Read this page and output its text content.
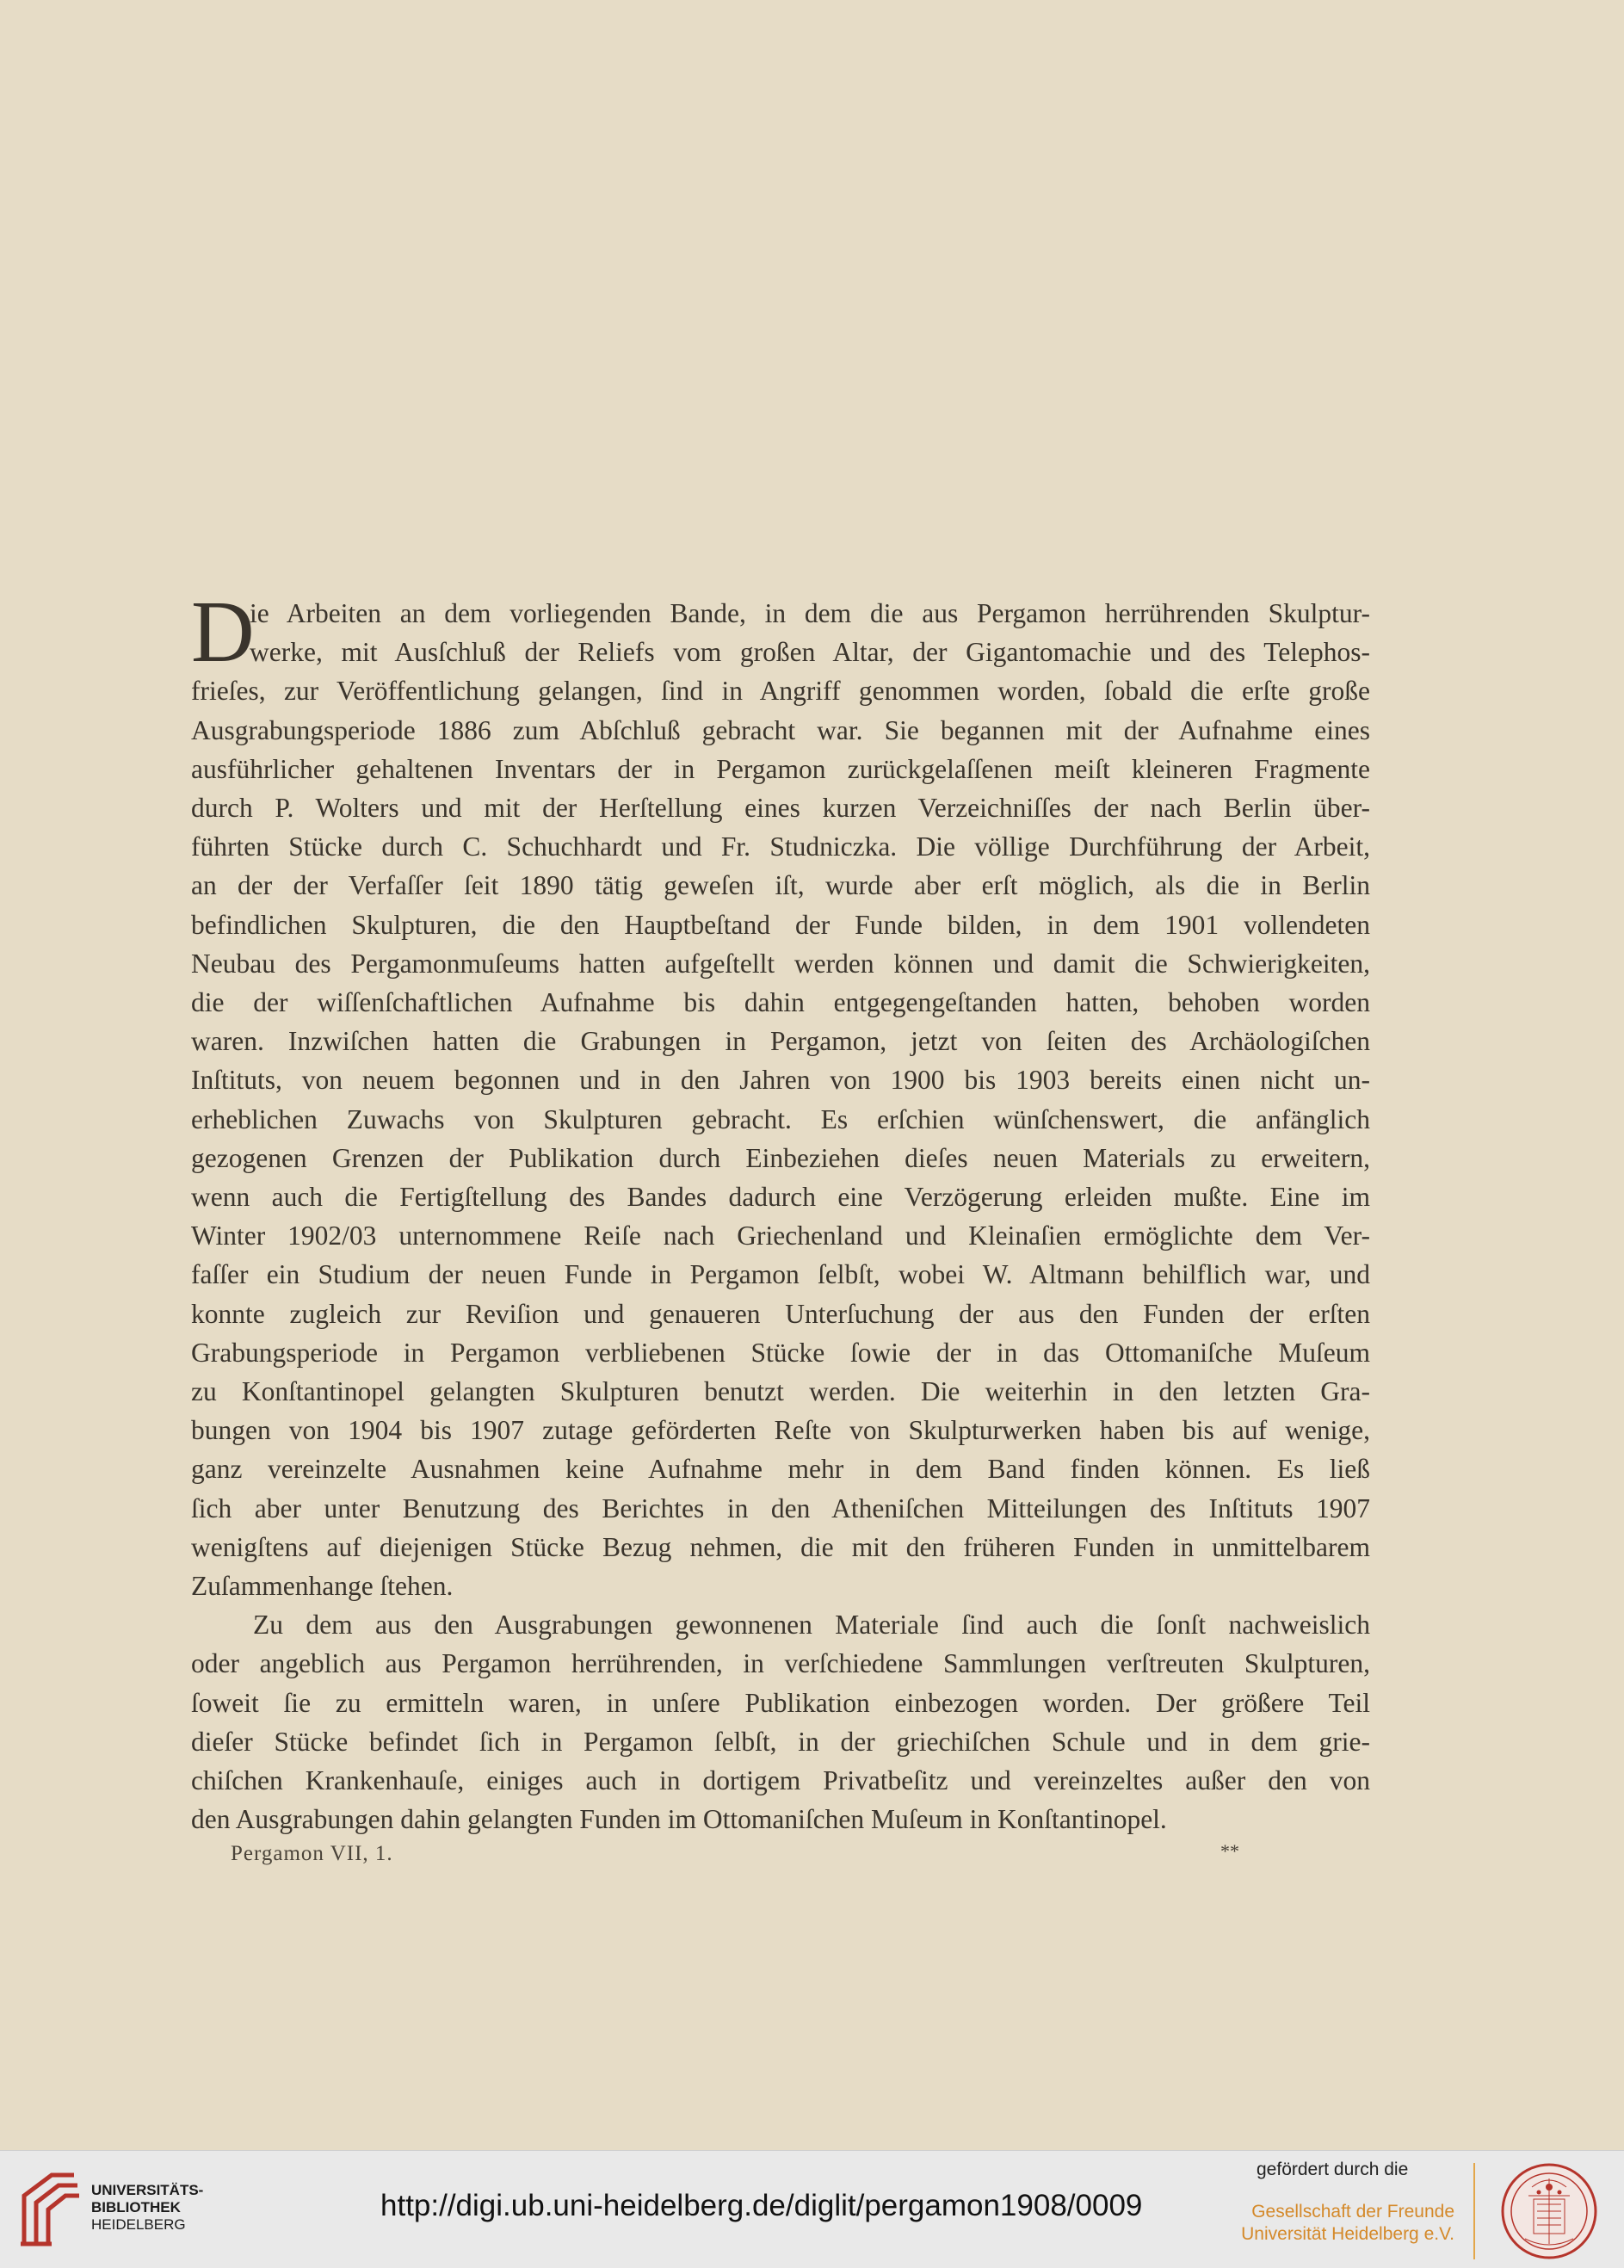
D
ie Arbeiten an dem vorliegenden Bande, in dem die aus Pergamon herrührenden Skulptur-
werke, mit Ausſchluß der Reliefs vom großen Altar, der Gigantomachie und des Telephos-
frieſes, zur Veröffentlichung gelangen, ſind in Angriff genommen worden, ſobald die erſte große
Ausgrabungsperiode 1886 zum Abſchluß gebracht war. Sie begannen mit der Aufnahme eines
ausführlicher gehaltenen Inventars der in Pergamon zurückgelaſſenen meiſt kleineren Fragmente
durch P. Wolters und mit der Herſtellung eines kurzen Verzeichniſſes der nach Berlin über-
führten Stücke durch C. Schuchhardt und Fr. Studniczka. Die völlige Durchführung der Arbeit,
an der der Verfaſſer ſeit 1890 tätig geweſen iſt, wurde aber erſt möglich, als die in Berlin
befindlichen Skulpturen, die den Hauptbeſtand der Funde bilden, in dem 1901 vollendeten
Neubau des Pergamonmuſeums hatten aufgeſtellt werden können und damit die Schwierigkeiten,
die der wiſſenſchaftlichen Aufnahme bis dahin entgegengeſtanden hatten, behoben worden
waren. Inzwiſchen hatten die Grabungen in Pergamon, jetzt von ſeiten des Archäologiſchen
Inſtituts, von neuem begonnen und in den Jahren von 1900 bis 1903 bereits einen nicht un-
erheblichen Zuwachs von Skulpturen gebracht. Es erſchien wünſchenswert, die anfänglich
gezogenen Grenzen der Publikation durch Einbeziehen dieſes neuen Materials zu erweitern,
wenn auch die Fertigſtellung des Bandes dadurch eine Verzögerung erleiden mußte. Eine im
Winter 1902/03 unternommene Reiſe nach Griechenland und Kleinaſien ermöglichte dem Ver-
faſſer ein Studium der neuen Funde in Pergamon ſelbſt, wobei W. Altmann behilflich war, und
konnte zugleich zur Reviſion und genaueren Unterſuchung der aus den Funden der erſten
Grabungsperiode in Pergamon verbliebenen Stücke ſowie der in das Ottomaniſche Muſeum
zu Konſtantinopel gelangten Skulpturen benutzt werden. Die weiterhin in den letzten Gra-
bungen von 1904 bis 1907 zutage geförderten Reſte von Skulpturwerken haben bis auf wenige,
ganz vereinzelte Ausnahmen keine Aufnahme mehr in dem Band finden können. Es ließ
ſich aber unter Benutzung des Berichtes in den Atheniſchen Mitteilungen des Inſtituts 1907
wenigſtens auf diejenigen Stücke Bezug nehmen, die mit den früheren Funden in unmittelbarem
Zuſammenhange ſtehen.
Zu dem aus den Ausgrabungen gewonnenen Materiale ſind auch die ſonſt nachweislich
oder angeblich aus Pergamon herrührenden, in verſchiedene Sammlungen verſtreuten Skulpturen,
ſoweit ſie zu ermitteln waren, in unſere Publikation einbezogen worden. Der größere Teil
dieſer Stücke befindet ſich in Pergamon ſelbſt, in der griechiſchen Schule und in dem grie-
chiſchen Krankenhauſe, einiges auch in dortigem Privatbeſitz und vereinzeltes außer den von
den Ausgrabungen dahin gelangten Funden im Ottomaniſchen Muſeum in Konſtantinopel.
Pergamon VII, 1.	**
UNIVERSITÄTS-
BIBLIOTHEK
HEIDELBERG
http://digi.ub.uni-heidelberg.de/diglit/pergamon1908/0009
gefördert durch die
Gesellschaft der Freunde
Universität Heidelberg e.V.
